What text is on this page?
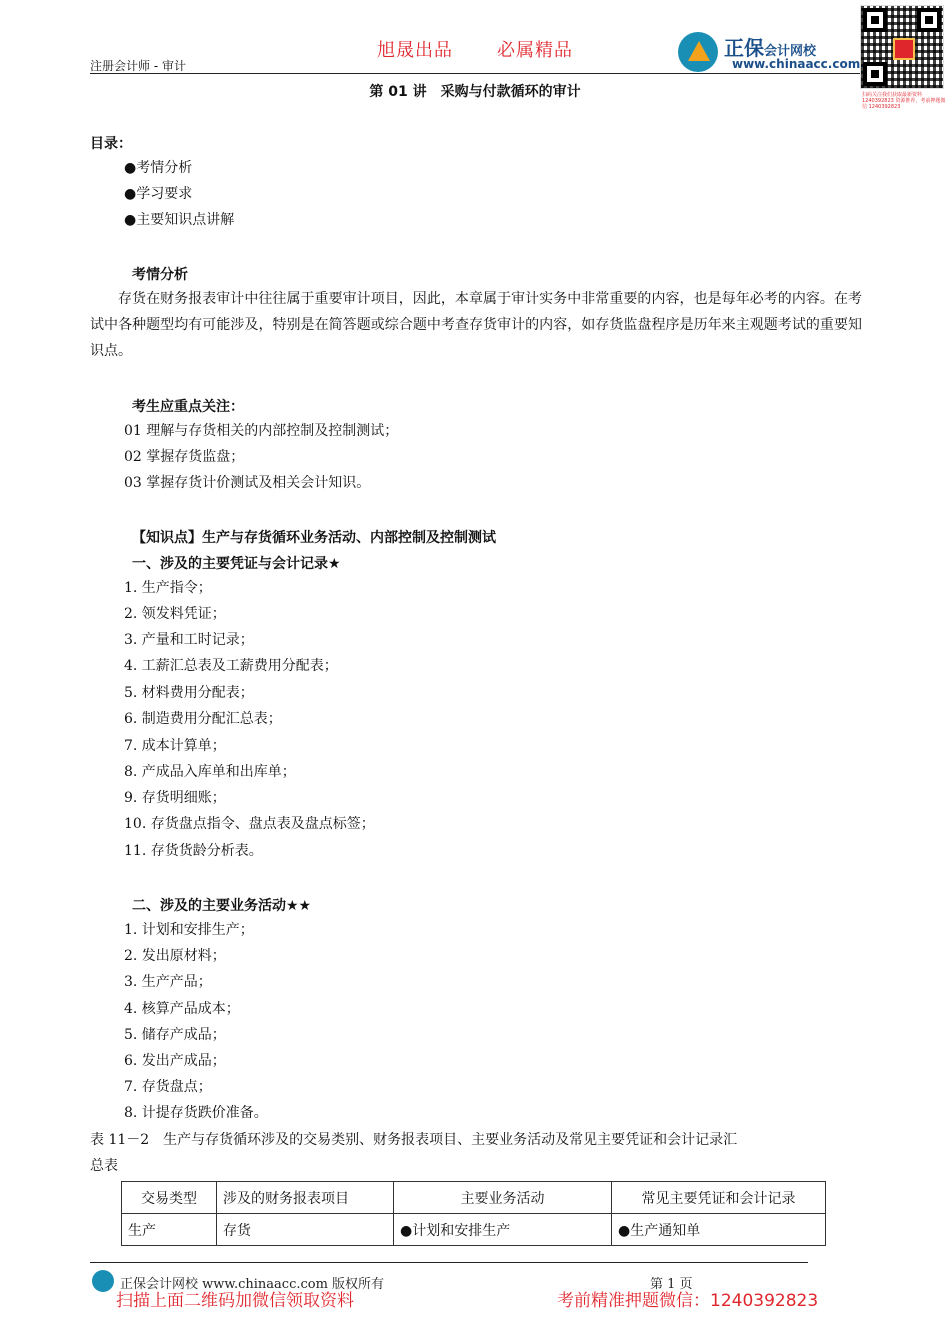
注册会计师 - 审计
旭晟出品 必属精品	正保会计网校
www.chinaacc.com
扫码关注我们获取最新资料 1240392823 资源推荐，考前押题微信 1240392823
第 01 讲　采购与付款循环的审计
目录：
●考情分析
●学习要求
●主要知识点讲解
考情分析
存货在财务报表审计中往往属于重要审计项目，因此，本章属于审计实务中非常重要的内容，也是每年必考的内容。在考试中各种题型均有可能涉及，特别是在简答题或综合题中考查存货审计的内容，如存货监盘程序是历年来主观题考试的重要知识点。
考生应重点关注：
01 理解与存货相关的内部控制及控制测试；
02 掌握存货监盘；
03 掌握存货计价测试及相关会计知识。
【知识点】生产与存货循环业务活动、内部控制及控制测试
一、涉及的主要凭证与会计记录★
1. 生产指令；
2. 领发料凭证；
3. 产量和工时记录；
4. 工薪汇总表及工薪费用分配表；
5. 材料费用分配表；
6. 制造费用分配汇总表；
7. 成本计算单；
8. 产成品入库单和出库单；
9. 存货明细账；
10. 存货盘点指令、盘点表及盘点标签；
11. 存货货龄分析表。
二、涉及的主要业务活动★★
1. 计划和安排生产；
2. 发出原材料；
3. 生产产品；
4. 核算产品成本；
5. 储存产成品；
6. 发出产成品；
7. 存货盘点；
8. 计提存货跌价准备。
表 11－2　生产与存货循环涉及的交易类别、财务报表项目、主要业务活动及常见主要凭证和会计记录汇
总表
交易类型	涉及的财务报表项目	主要业务活动	常见主要凭证和会计记录
生产	存货	●计划和安排生产	●生产通知单
正保会计网校 www.chinaacc.com 版权所有	第 1 页
扫描上面二维码加微信领取资料	考前精准押题微信：1240392823
